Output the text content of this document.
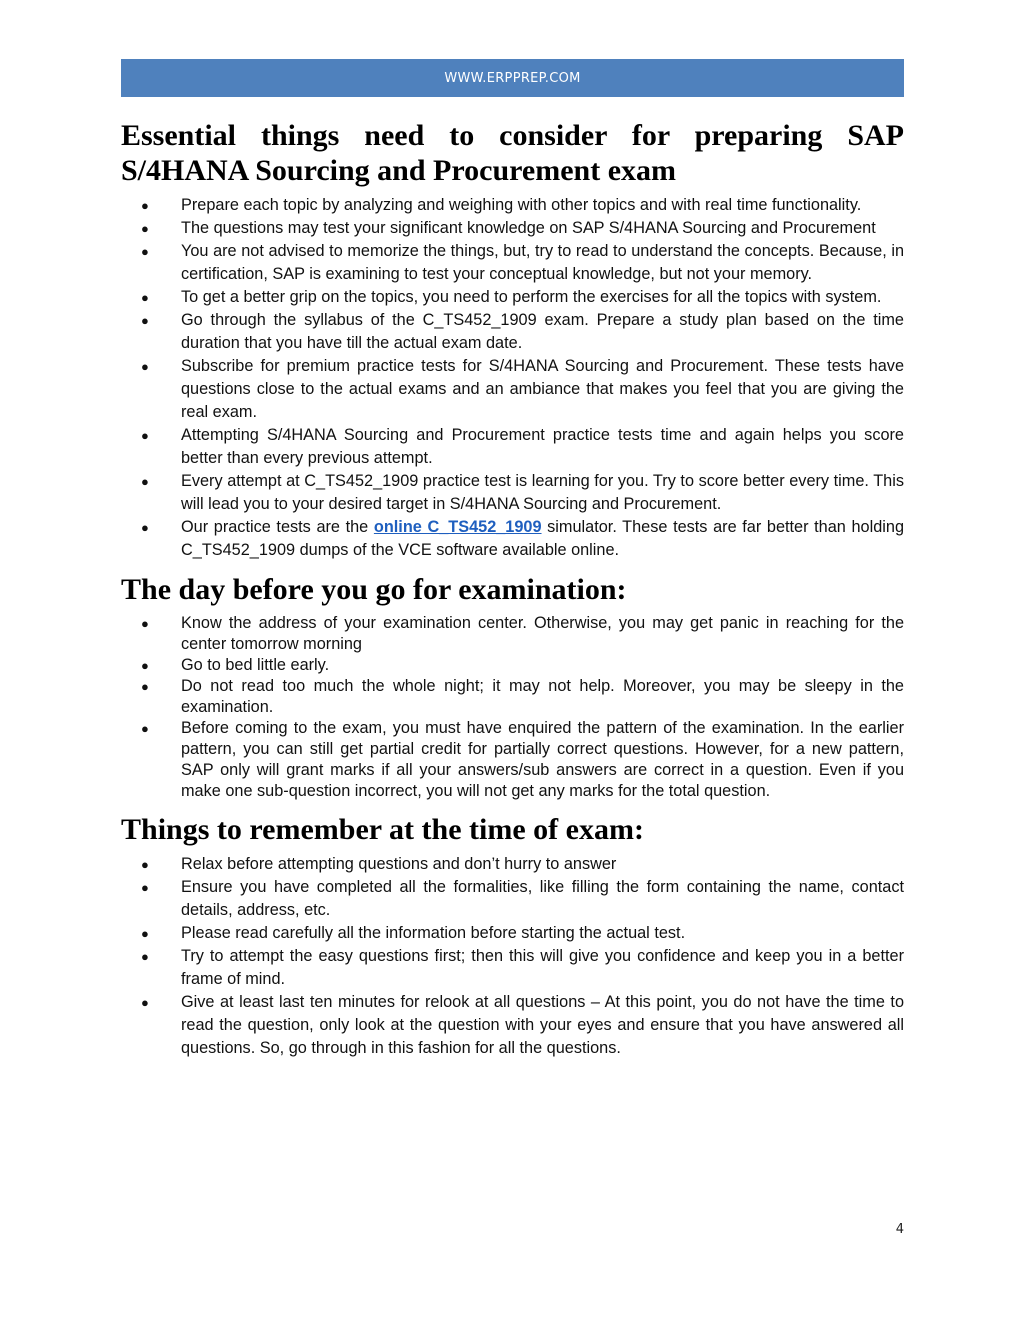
WWW.ERPPREP.COM
Essential things need to consider for preparing SAP S/4HANA Sourcing and Procurement exam
● Prepare each topic by analyzing and weighing with other topics and with real time functionality.
● The questions may test your significant knowledge on SAP S/4HANA Sourcing and Procurement
● You are not advised to memorize the things, but, try to read to understand the concepts. Because, in certification, SAP is examining to test your conceptual knowledge, but not your memory.
● To get a better grip on the topics, you need to perform the exercises for all the topics with system.
● Go through the syllabus of the C_TS452_1909 exam. Prepare a study plan based on the time duration that you have till the actual exam date.
● Subscribe for premium practice tests for S/4HANA Sourcing and Procurement. These tests have questions close to the actual exams and an ambiance that makes you feel that you are giving the real exam.
● Attempting S/4HANA Sourcing and Procurement practice tests time and again helps you score better than every previous attempt.
● Every attempt at C_TS452_1909 practice test is learning for you. Try to score better every time. This will lead you to your desired target in S/4HANA Sourcing and Procurement.
● Our practice tests are the online C_TS452_1909 simulator. These tests are far better than holding C_TS452_1909 dumps of the VCE software available online.
The day before you go for examination:
● Know the address of your examination center. Otherwise, you may get panic in reaching for the center tomorrow morning
● Go to bed little early.
● Do not read too much the whole night; it may not help. Moreover, you may be sleepy in the examination.
● Before coming to the exam, you must have enquired the pattern of the examination. In the earlier pattern, you can still get partial credit for partially correct questions. However, for a new pattern, SAP only will grant marks if all your answers/sub answers are correct in a question. Even if you make one sub-question incorrect, you will not get any marks for the total question.
Things to remember at the time of exam:
● Relax before attempting questions and don’t hurry to answer
● Ensure you have completed all the formalities, like filling the form containing the name, contact details, address, etc.
● Please read carefully all the information before starting the actual test.
● Try to attempt the easy questions first; then this will give you confidence and keep you in a better frame of mind.
● Give at least last ten minutes for relook at all questions – At this point, you do not have the time to read the question, only look at the question with your eyes and ensure that you have answered all questions. So, go through in this fashion for all the questions.
4
